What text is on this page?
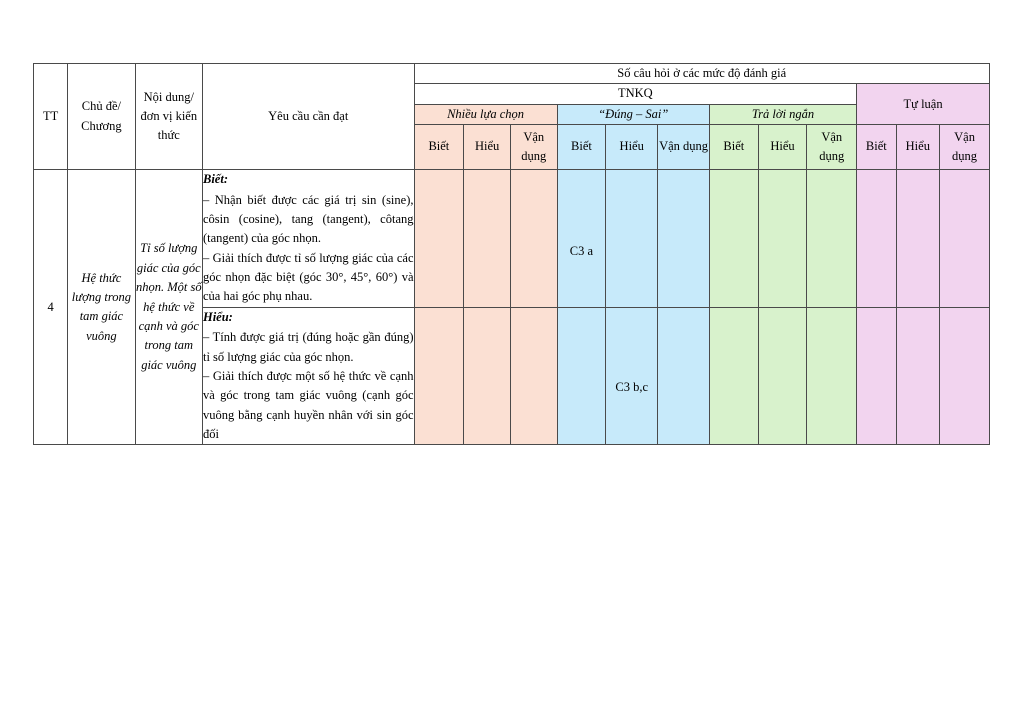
TT	Chủ đề/ Chương	Nội dung/ đơn vị kiến thức	Yêu cầu cần đạt	Số câu hỏi ở các mức độ đánh giá											
				TNKQ									Tự luận		
				Nhiều lựa chọn			“Đúng – Sai”			Trả lời ngắn					
				Biết	Hiểu	Vận dụng	Biết	Hiểu	Vận dụng	Biết	Hiểu	Vận dụng	Biết	Hiểu	Vận dụng
4	Hệ thức lượng trong tam giác vuông	Tỉ số lượng giác của góc nhọn. Một số hệ thức về cạnh và góc trong tam giác vuông	Biết:

– Nhận biết được các giá trị sin (sine), côsin (cosine), tang (tangent), côtang (tangent) của góc nhọn.

– Giải thích được tỉ số lượng giác của các góc nhọn đặc biệt (góc 30°, 45°, 60°) và của hai góc phụ nhau.				C3 a								

			Hiểu:

– Tính được giá trị (đúng hoặc gần đúng) tỉ số lượng giác của góc nhọn.

– Giải thích được một số hệ thức về cạnh và góc trong tam giác vuông (cạnh góc vuông bằng cạnh huyền nhân với sin góc đối					C3 b,c							
